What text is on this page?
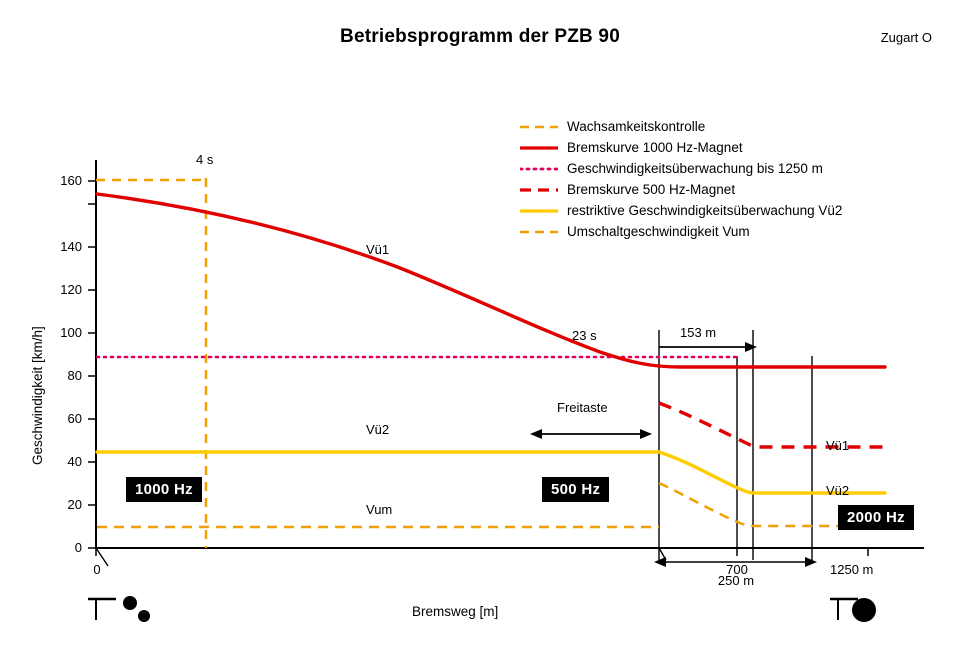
Betriebsprogramm der PZB 90	Zugart O
0
20
40
60
80
100
120
140
160
0	700
250 m
1250 m
Geschwindigkeit [km/h]
Bremsweg [m]
4 s
23 s	153 m
Freitaste
Vü1
Vü2
Vum
Vü1
Vü2
1000 Hz	500 Hz
2000 Hz
Wachsamkeitskontrolle
Bremskurve 1000 Hz-Magnet
Geschwindigkeitsüberwachung bis 1250 m
Bremskurve 500 Hz-Magnet
restriktive Geschwindigkeitsüberwachung Vü2
Umschaltgeschwindigkeit Vum
